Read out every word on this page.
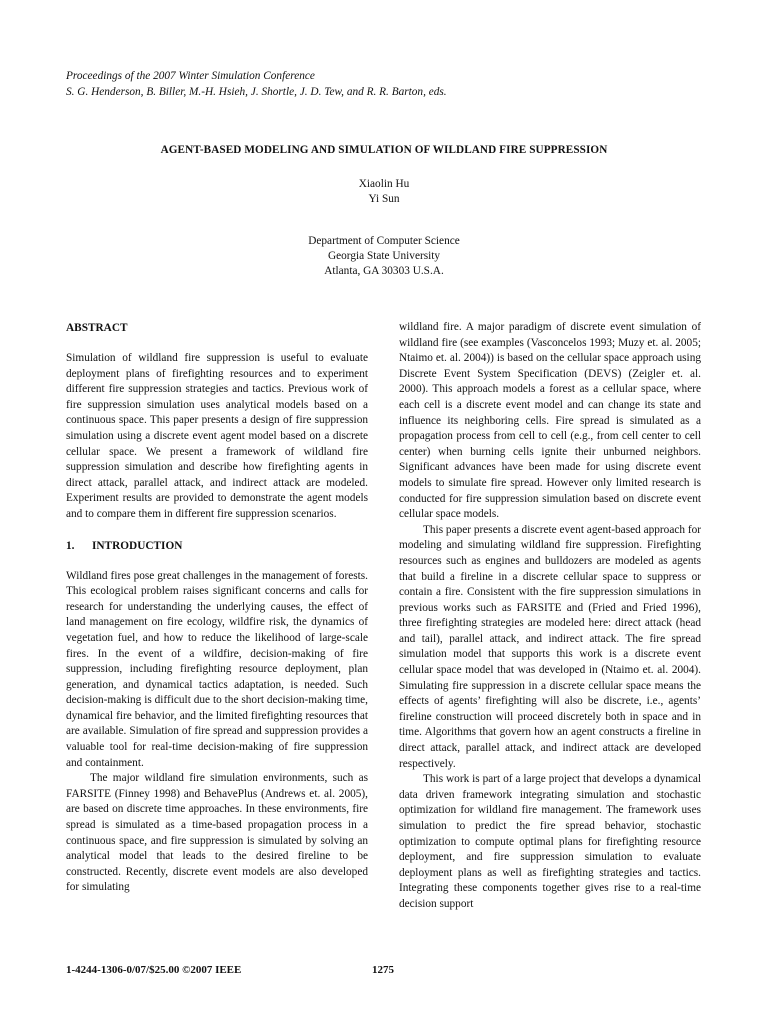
Proceedings of the 2007 Winter Simulation Conference
S. G. Henderson, B. Biller, M.-H. Hsieh, J. Shortle, J. D. Tew, and R. R. Barton, eds.
AGENT-BASED MODELING AND SIMULATION OF WILDLAND FIRE SUPPRESSION
Xiaolin Hu
Yi Sun
Department of Computer Science
Georgia State University
Atlanta, GA 30303 U.S.A.
ABSTRACT

Simulation of wildland fire suppression is useful to evaluate deployment plans of firefighting resources and to experiment different fire suppression strategies and tactics. Previous work of fire suppression simulation uses analytical models based on a continuous space. This paper presents a design of fire suppression simulation using a discrete event agent model based on a discrete cellular space. We present a framework of wildland fire suppression simulation and describe how firefighting agents in direct attack, parallel attack, and indirect attack are modeled. Experiment results are provided to demonstrate the agent models and to compare them in different fire suppression scenarios.

1. INTRODUCTION

Wildland fires pose great challenges in the management of forests. This ecological problem raises significant concerns and calls for research for understanding the underlying causes, the effect of land management on fire ecology, wildfire risk, the dynamics of vegetation fuel, and how to reduce the likelihood of large-scale fires. In the event of a wildfire, decision-making of fire suppression, including firefighting resource deployment, plan generation, and dynamical tactics adaptation, is needed. Such decision-making is difficult due to the short decision-making time, dynamical fire behavior, and the limited firefighting resources that are available. Simulation of fire spread and suppression provides a valuable tool for real-time decision-making of fire suppression and containment.

The major wildland fire simulation environments, such as FARSITE (Finney 1998) and BehavePlus (Andrews et. al. 2005), are based on discrete time approaches. In these environments, fire spread is simulated as a time-based propagation process in a continuous space, and fire suppression is simulated by solving an analytical model that leads to the desired fireline to be constructed. Recently, discrete event models are also developed for simulating

wildland fire. A major paradigm of discrete event simulation of wildland fire (see examples (Vasconcelos 1993; Muzy et. al. 2005; Ntaimo et. al. 2004)) is based on the cellular space approach using Discrete Event System Specification (DEVS) (Zeigler et. al. 2000). This approach models a forest as a cellular space, where each cell is a discrete event model and can change its state and influence its neighboring cells. Fire spread is simulated as a propagation process from cell to cell (e.g., from cell center to cell center) when burning cells ignite their unburned neighbors. Significant advances have been made for using discrete event models to simulate fire spread. However only limited research is conducted for fire suppression simulation based on discrete event cellular space models.

This paper presents a discrete event agent-based approach for modeling and simulating wildland fire suppression. Firefighting resources such as engines and bulldozers are modeled as agents that build a fireline in a discrete cellular space to suppress or contain a fire. Consistent with the fire suppression simulations in previous works such as FARSITE and (Fried and Fried 1996), three firefighting strategies are modeled here: direct attack (head and tail), parallel attack, and indirect attack. The fire spread simulation model that supports this work is a discrete event cellular space model that was developed in (Ntaimo et. al. 2004). Simulating fire suppression in a discrete cellular space means the effects of agents’ firefighting will also be discrete, i.e., agents’ fireline construction will proceed discretely both in space and in time. Algorithms that govern how an agent constructs a fireline in direct attack, parallel attack, and indirect attack are developed respectively.

This work is part of a large project that develops a dynamical data driven framework integrating simulation and stochastic optimization for wildland fire management. The framework uses simulation to predict the fire spread behavior, stochastic optimization to compute optimal plans for firefighting resource deployment, and fire suppression simulation to evaluate deployment plans as well as firefighting strategies and tactics. Integrating these components together gives rise to a real-time decision support

1-4244-1306-0/07/$25.00 ©2007 IEEE	1275
